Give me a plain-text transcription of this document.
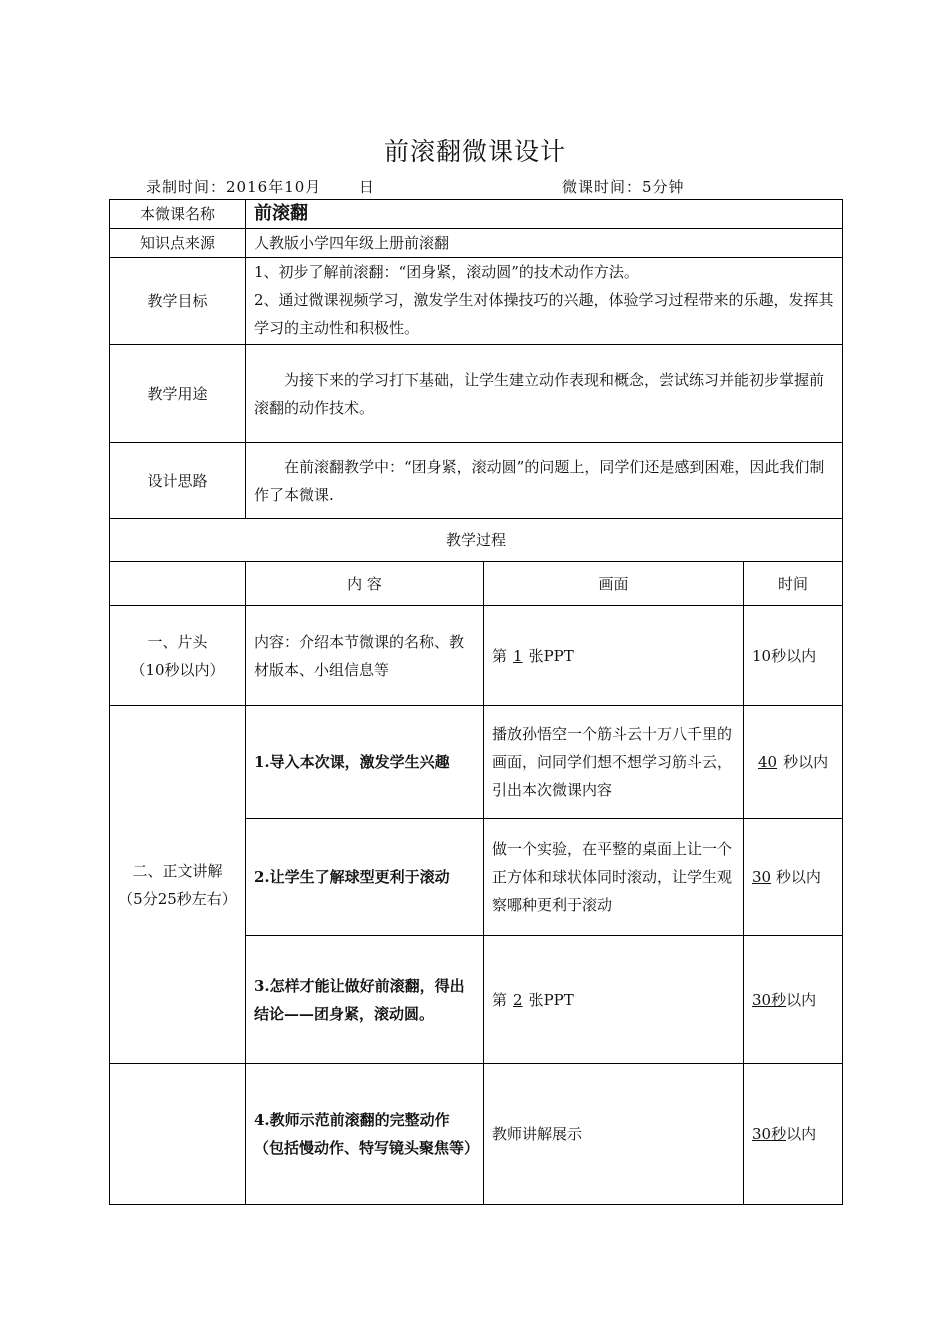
前滚翻微课设计
录制时间：2016年10月	日	微课时间：5分钟
本微课名称	前滚翻		
知识点来源	人教版小学四年级上册前滚翻		
教学目标	1、初步了解前滚翻：“团身紧，滚动圆”的技术动作方法。
2、通过微课视频学习，激发学生对体操技巧的兴趣，体验学习过程带来的乐趣，发挥其学习的主动性和积极性。		

教学用途	为接下来的学习打下基础，让学生建立动作表现和概念，尝试练习并能初步掌握前滚翻的动作技术。		
设计思路	在前滚翻教学中：“团身紧，滚动圆”的问题上，同学们还是感到困难，因此我们制作了本微课.		
教学过程			
	内 容	画面	时间

一、片头
（10秒以内）	内容：介绍本节微课的名称、教材版本、小组信息等	第 1 张PPT	10秒以内

二、正文讲解
（5分25秒左右）	1.导入本次课，激发学生兴趣	播放孙悟空一个筋斗云十万八千里的画面，问同学们想不想学习筋斗云，引出本次微课内容	40 秒以内
	2.让学生了解球型更利于滚动	做一个实验，在平整的桌面上让一个正方体和球状体同时滚动，让学生观察哪种更利于滚动	30 秒以内
	3.怎样才能让做好前滚翻，得出结论——团身紧，滚动圆。	第 2 张PPT	30秒以内
	4.教师示范前滚翻的完整动作（包括慢动作、特写镜头聚焦等）	教师讲解展示	30秒以内
